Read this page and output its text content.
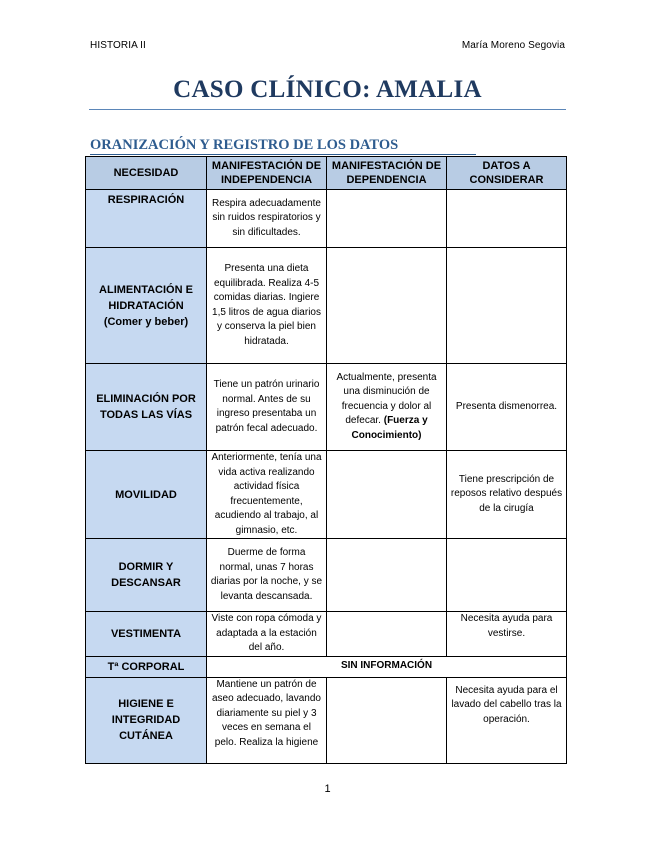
HISTORIA II	María Moreno Segovia
CASO CLÍNICO: AMALIA
ORANIZACIÓN Y REGISTRO DE LOS DATOS
NECESIDAD	MANIFESTACIÓN DE INDEPENDENCIA	MANIFESTACIÓN DE DEPENDENCIA	DATOS A CONSIDERAR
RESPIRACIÓN	Respira adecuadamente sin ruidos respiratorios y sin dificultades.		
ALIMENTACIÓN E HIDRATACIÓN (Comer y beber)	Presenta una dieta equilibrada. Realiza 4-5 comidas diarias. Ingiere 1,5 litros de agua diarios y conserva la piel bien hidratada.		
ELIMINACIÓN POR TODAS LAS VÍAS	Tiene un patrón urinario normal. Antes de su ingreso presentaba un patrón fecal adecuado.	Actualmente, presenta una disminución de frecuencia y dolor al defecar. (Fuerza y Conocimiento)	Presenta dismenorrea.
MOVILIDAD	Anteriormente, tenía una vida activa realizando actividad física frecuentemente, acudiendo al trabajo, al gimnasio, etc.		Tiene prescripción de reposos relativo después de la cirugía
DORMIR Y DESCANSAR	Duerme de forma normal, unas 7 horas diarias por la noche, y se levanta descansada.		
VESTIMENTA	Viste con ropa cómoda y adaptada a la estación del año.		Necesita ayuda para vestirse.
Tª CORPORAL	SIN INFORMACIÓN		
HIGIENE E INTEGRIDAD CUTÁNEA	Mantiene un patrón de aseo adecuado, lavando diariamente su piel y 3 veces en semana el pelo. Realiza la higiene		Necesita ayuda para el lavado del cabello tras la operación.
1
